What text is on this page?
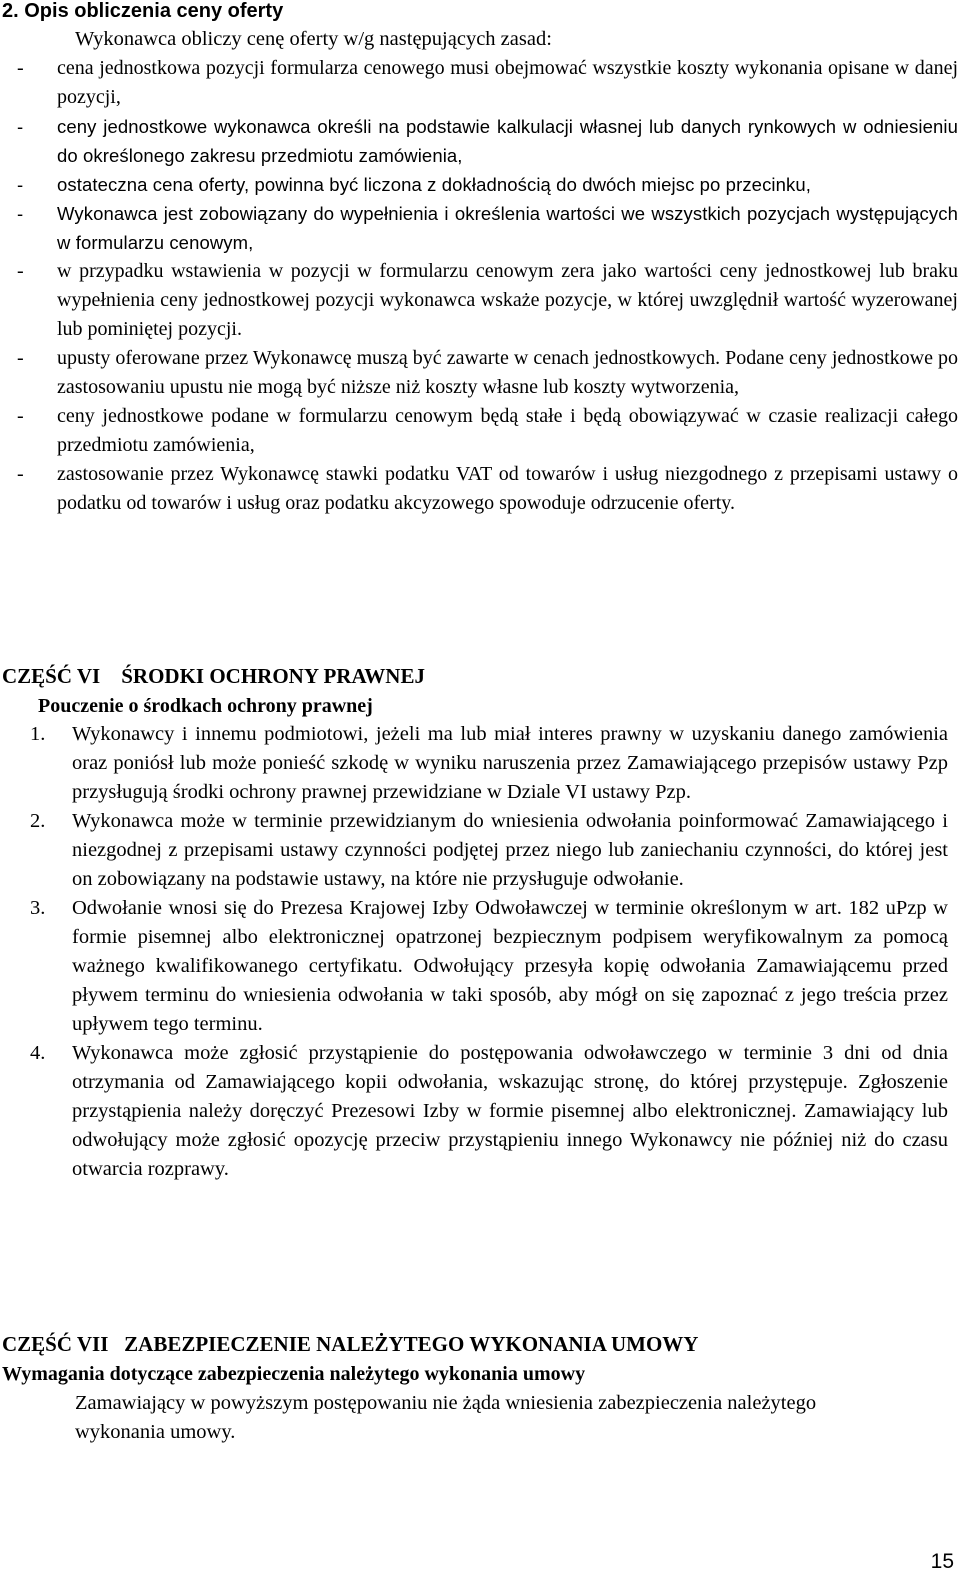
2. Opis obliczenia ceny oferty
Wykonawca obliczy cenę oferty w/g następujących zasad:
- cena jednostkowa pozycji formularza cenowego musi obejmować wszystkie koszty wykonania opisane w danej pozycji,
- ceny jednostkowe wykonawca określi na podstawie kalkulacji własnej lub danych rynkowych w odniesieniu do określonego zakresu przedmiotu zamówienia,
- ostateczna cena oferty, powinna być liczona z dokładnością do dwóch miejsc po przecinku,
- Wykonawca jest zobowiązany do wypełnienia i określenia wartości we wszystkich pozycjach występujących w formularzu cenowym,
- w przypadku wstawienia w pozycji w formularzu cenowym zera jako wartości ceny jednostkowej lub braku wypełnienia ceny jednostkowej pozycji wykonawca wskaże pozycje, w której uwzględnił wartość wyzerowanej lub pominiętej pozycji.
- upusty oferowane przez Wykonawcę muszą być zawarte w cenach jednostkowych. Podane ceny jednostkowe po zastosowaniu upustu nie mogą być niższe niż koszty własne lub koszty wytworzenia,
- ceny jednostkowe podane w formularzu cenowym będą stałe i będą obowiązywać w czasie realizacji całego przedmiotu zamówienia,
- zastosowanie przez Wykonawcę stawki podatku VAT od towarów i usług niezgodnego z przepisami ustawy o podatku od towarów i usług oraz podatku akcyzowego spowoduje odrzucenie oferty.
CZĘŚĆ VI    ŚRODKI OCHRONY PRAWNEJ
Pouczenie o środkach ochrony prawnej
1. Wykonawcy i innemu podmiotowi, jeżeli ma lub miał interes prawny w uzyskaniu danego zamówienia oraz poniósł lub może ponieść szkodę w wyniku naruszenia przez Zamawiającego przepisów ustawy Pzp przysługują środki ochrony prawnej przewidziane w Dziale VI ustawy Pzp.
2. Wykonawca może w terminie przewidzianym do wniesienia odwołania poinformować Zamawiającego i niezgodnej z przepisami ustawy czynności podjętej przez niego lub zaniechaniu czynności, do której jest on zobowiązany na podstawie ustawy, na które nie przysługuje odwołanie.
3. Odwołanie wnosi się do Prezesa Krajowej Izby Odwoławczej w terminie określonym w art. 182 uPzp w formie pisemnej albo elektronicznej opatrzonej bezpiecznym podpisem weryfikowalnym za pomocą ważnego kwalifikowanego certyfikatu. Odwołujący przesyła kopię odwołania Zamawiającemu przed pływem terminu do wniesienia odwołania w taki sposób, aby mógł on się zapoznać z jego treścia przez upływem tego terminu.
4. Wykonawca może zgłosić przystąpienie do postępowania odwoławczego w terminie 3 dni od dnia otrzymania od Zamawiającego kopii odwołania, wskazując stronę, do której przystępuje. Zgłoszenie przystąpienia należy doręczyć Prezesowi Izby w formie pisemnej albo elektronicznej. Zamawiający lub odwołujący może zgłosić opozycję przeciw przystąpieniu innego Wykonawcy nie później niż do czasu otwarcia rozprawy.
CZĘŚĆ VII   ZABEZPIECZENIE NALEŻYTEGO WYKONANIA UMOWY
Wymagania dotyczące zabezpieczenia należytego wykonania umowy
Zamawiający w powyższym postępowaniu nie żąda wniesienia zabezpieczenia należytego wykonania umowy.
15
